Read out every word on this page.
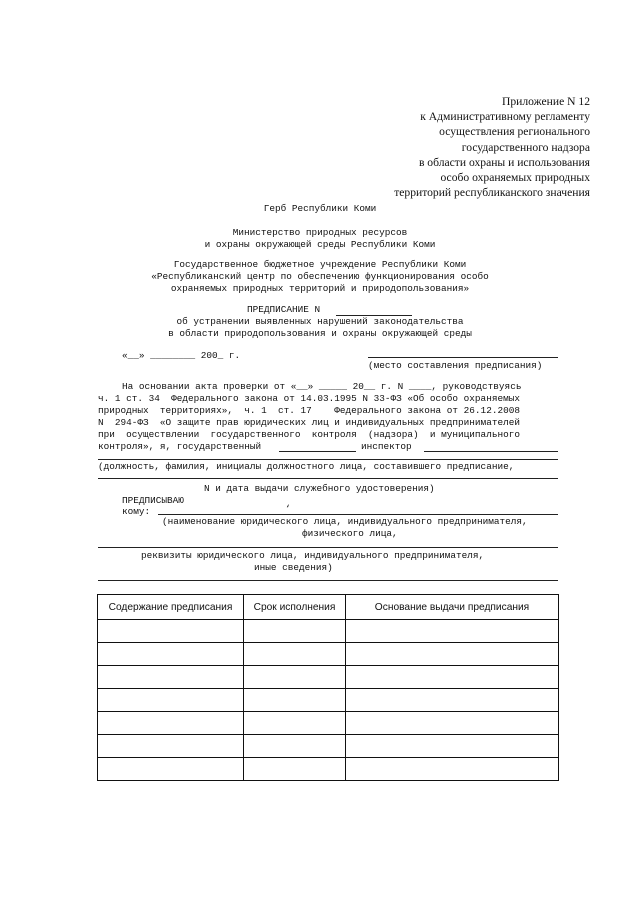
Приложение N 12
к Административному регламенту
осуществления регионального
государственного надзора
в области охраны и использования
особо охраняемых природных
территорий республиканского значения
Герб Республики Коми
Министерство природных ресурсов
и охраны окружающей среды Республики Коми
Государственное бюджетное учреждение Республики Коми
«Республиканский центр по обеспечению функционирования особо
охраняемых природных территорий и природопользования»
ПРЕДПИСАНИЕ N
об устранении выявленных нарушений законодательства
в области природопользования и охраны окружающей среды
«__» ________ 200_ г.
(место составления предписания)
На основании акта проверки от «__» _____ 20__ г. N ____, руководствуясь
ч. 1 ст. 34  Федерального закона от 14.03.1995 N 33-ФЗ «Об особо охраняемых
природных  территориях»,  ч. 1  ст. 17    Федерального закона от 26.12.2008
N  294-ФЗ  «О защите прав юридических лиц и индивидуальных предпринимателей
при  осуществлении  государственного  контроля  (надзора)  и муниципального
контроля», я, государственный	инспектор
(должность, фамилия, инициалы должностного лица, составившего предписание,
N и дата выдачи служебного удостоверения)
ПРЕДПИСЫВАЮ
кому:	‘
(наименование юридического лица, индивидуального предпринимателя,
физического лица,
реквизиты юридического лица, индивидуального предпринимателя,
иные сведения)
Содержание предписания	Срок исполнения	Основание выдачи предписания
